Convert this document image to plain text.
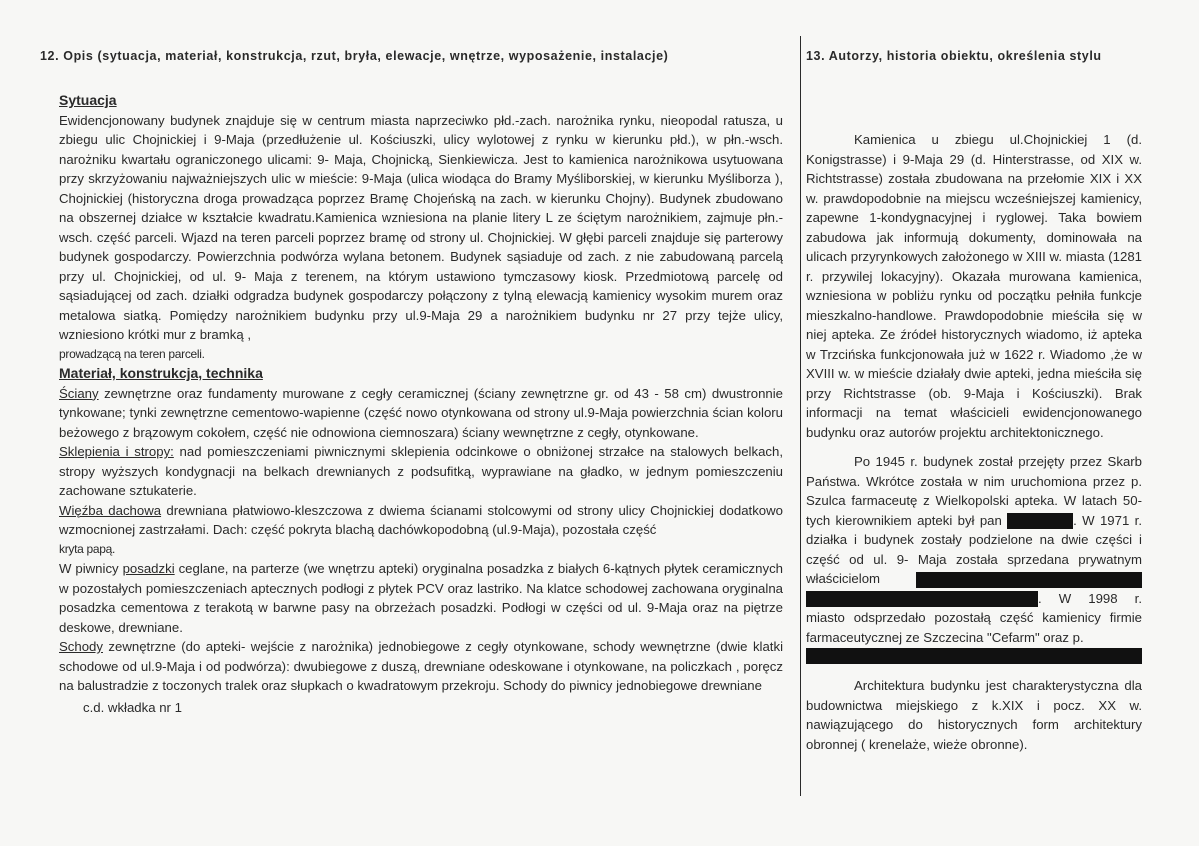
12. Opis (sytuacja, materiał, konstrukcja, rzut, bryła, elewacje, wnętrze, wyposażenie, instalacje)	13. Autorzy, historia obiektu, określenia stylu

Sytuacja

Ewidencjonowany budynek znajduje się w centrum miasta naprzeciwko płd.-zach. narożnika rynku, nieopodal ratusza, u zbiegu ulic Chojnickiej i 9-Maja (przedłużenie ul. Kościuszki, ulicy wylotowej z rynku w kierunku płd.), w płn.-wsch. narożniku kwartału ograniczonego ulicami: 9- Maja, Chojnicką, Sienkiewicza. Jest to kamienica narożnikowa usytuowana przy skrzyżowaniu najważniejszych ulic w mieście: 9-Maja (ulica wiodąca do Bramy Myśliborskiej, w kierunku Myśliborza ), Chojnickiej (historyczna droga prowadząca poprzez Bramę Chojeńską na zach. w kierunku Chojny). Budynek zbudowano na obszernej działce w kształcie kwadratu.Kamienica wzniesiona na planie litery L ze ściętym narożnikiem, zajmuje płn.-wsch. część parceli. Wjazd na teren parceli poprzez bramę od strony ul. Chojnickiej. W głębi parceli znajduje się parterowy budynek gospodarczy. Powierzchnia podwórza wylana betonem. Budynek sąsiaduje od zach. z nie zabudowaną parcelą przy ul. Chojnickiej, od ul. 9- Maja z terenem, na którym ustawiono tymczasowy kiosk. Przedmiotową parcelę od sąsiadującej od zach. działki odgradza budynek gospodarczy połączony z tylną elewacją kamienicy wysokim murem oraz metalowa siatką. Pomiędzy narożnikiem budynku przy ul.9-Maja 29 a narożnikiem budynku nr 27 przy tejże ulicy, wzniesiono krótki mur z bramką ,

prowadzącą na teren parceli.

Materiał, konstrukcja, technika

Ściany zewnętrzne oraz fundamenty murowane z cegły ceramicznej (ściany zewnętrzne gr. od 43 - 58 cm) dwustronnie tynkowane; tynki zewnętrzne cementowo-wapienne (część nowo otynkowana od strony ul.9-Maja powierzchnia ścian koloru beżowego z brązowym cokołem, część nie odnowiona ciemnoszara) ściany wewnętrzne z cegły, otynkowane.

Sklepienia i stropy: nad pomieszczeniami piwnicznymi sklepienia odcinkowe o obniżonej strzałce na stalowych belkach, stropy wyższych kondygnacji na belkach drewnianych z podsufitką, wyprawiane na gładko, w jednym pomieszczeniu zachowane sztukaterie.

Więźba dachowa drewniana płatwiowo-kleszczowa z dwiema ścianami stolcowymi od strony ulicy Chojnickiej dodatkowo wzmocnionej zastrzałami. Dach: część pokryta blachą dachówkopodobną (ul.9-Maja), pozostała część

kryta papą.

W piwnicy posadzki ceglane, na parterze (we wnętrzu apteki) oryginalna posadzka z białych 6-kątnych płytek ceramicznych w pozostałych pomieszczeniach aptecznych podłogi z płytek PCV oraz lastriko. Na klatce schodowej zachowana oryginalna posadzka cementowa z terakotą w barwne pasy na obrzeżach posadzki. Podłogi w części od ul. 9-Maja oraz na piętrze deskowe, drewniane.

Schody zewnętrzne (do apteki- wejście z narożnika) jednobiegowe z cegły otynkowane, schody wewnętrzne (dwie klatki schodowe od ul.9-Maja i od podwórza): dwubiegowe z duszą, drewniane odeskowane i otynkowane, na policzkach , poręcz na balustradzie z toczonych tralek oraz słupkach o kwadratowym przekroju. Schody do piwnicy jednobiegowe drewniane

c.d. wkładka nr 1

Kamienica u zbiegu ul.Chojnickiej 1 (d. Konigstrasse) i 9-Maja 29 (d. Hinterstrasse, od XIX w. Richtstrasse) została zbudowana na przełomie XIX i XX w. prawdopodobnie na miejscu wcześniejszej kamienicy, zapewne 1-kondygnacyjnej i ryglowej. Taka bowiem zabudowa jak informują dokumenty, dominowała na ulicach przyrynkowych założonego w XIII w. miasta (1281 r. przywilej lokacyjny). Okazała murowana kamienica, wzniesiona w pobliżu rynku od początku pełniła funkcje mieszkalno-handlowe. Prawdopodobnie mieściła się w niej apteka. Ze źródeł historycznych wiadomo, iż apteka w Trzcińska funkcjonowała już w 1622 r. Wiadomo ,że w XVIII w. w mieście działały dwie apteki, jedna mieściła się przy Richtstrasse (ob. 9-Maja i Kościuszki). Brak informacji na temat właścicieli ewidencjonowanego budynku oraz autorów projektu architektonicznego.

Po 1945 r. budynek został przejęty przez Skarb Państwa. Wkrótce została w nim uruchomiona przez p. Szulca farmaceutę z Wielkopolski apteka. W latach 50-tych kierownikiem apteki był pan	. W 1971 r. działka i budynek zostały podzielone na dwie części i część od ul. 9- Maja została sprzedana prywatnym właścicielom  . W 1998 r. miasto odsprzedało pozostałą część kamienicy firmie farmaceutycznej ze Szczecina "Cefarm" oraz p.

Architektura budynku jest charakterystyczna dla budownictwa miejskiego z k.XIX i pocz. XX w. nawiązującego do historycznych form architektury obronnej ( krenelaże, wieże obronne).
